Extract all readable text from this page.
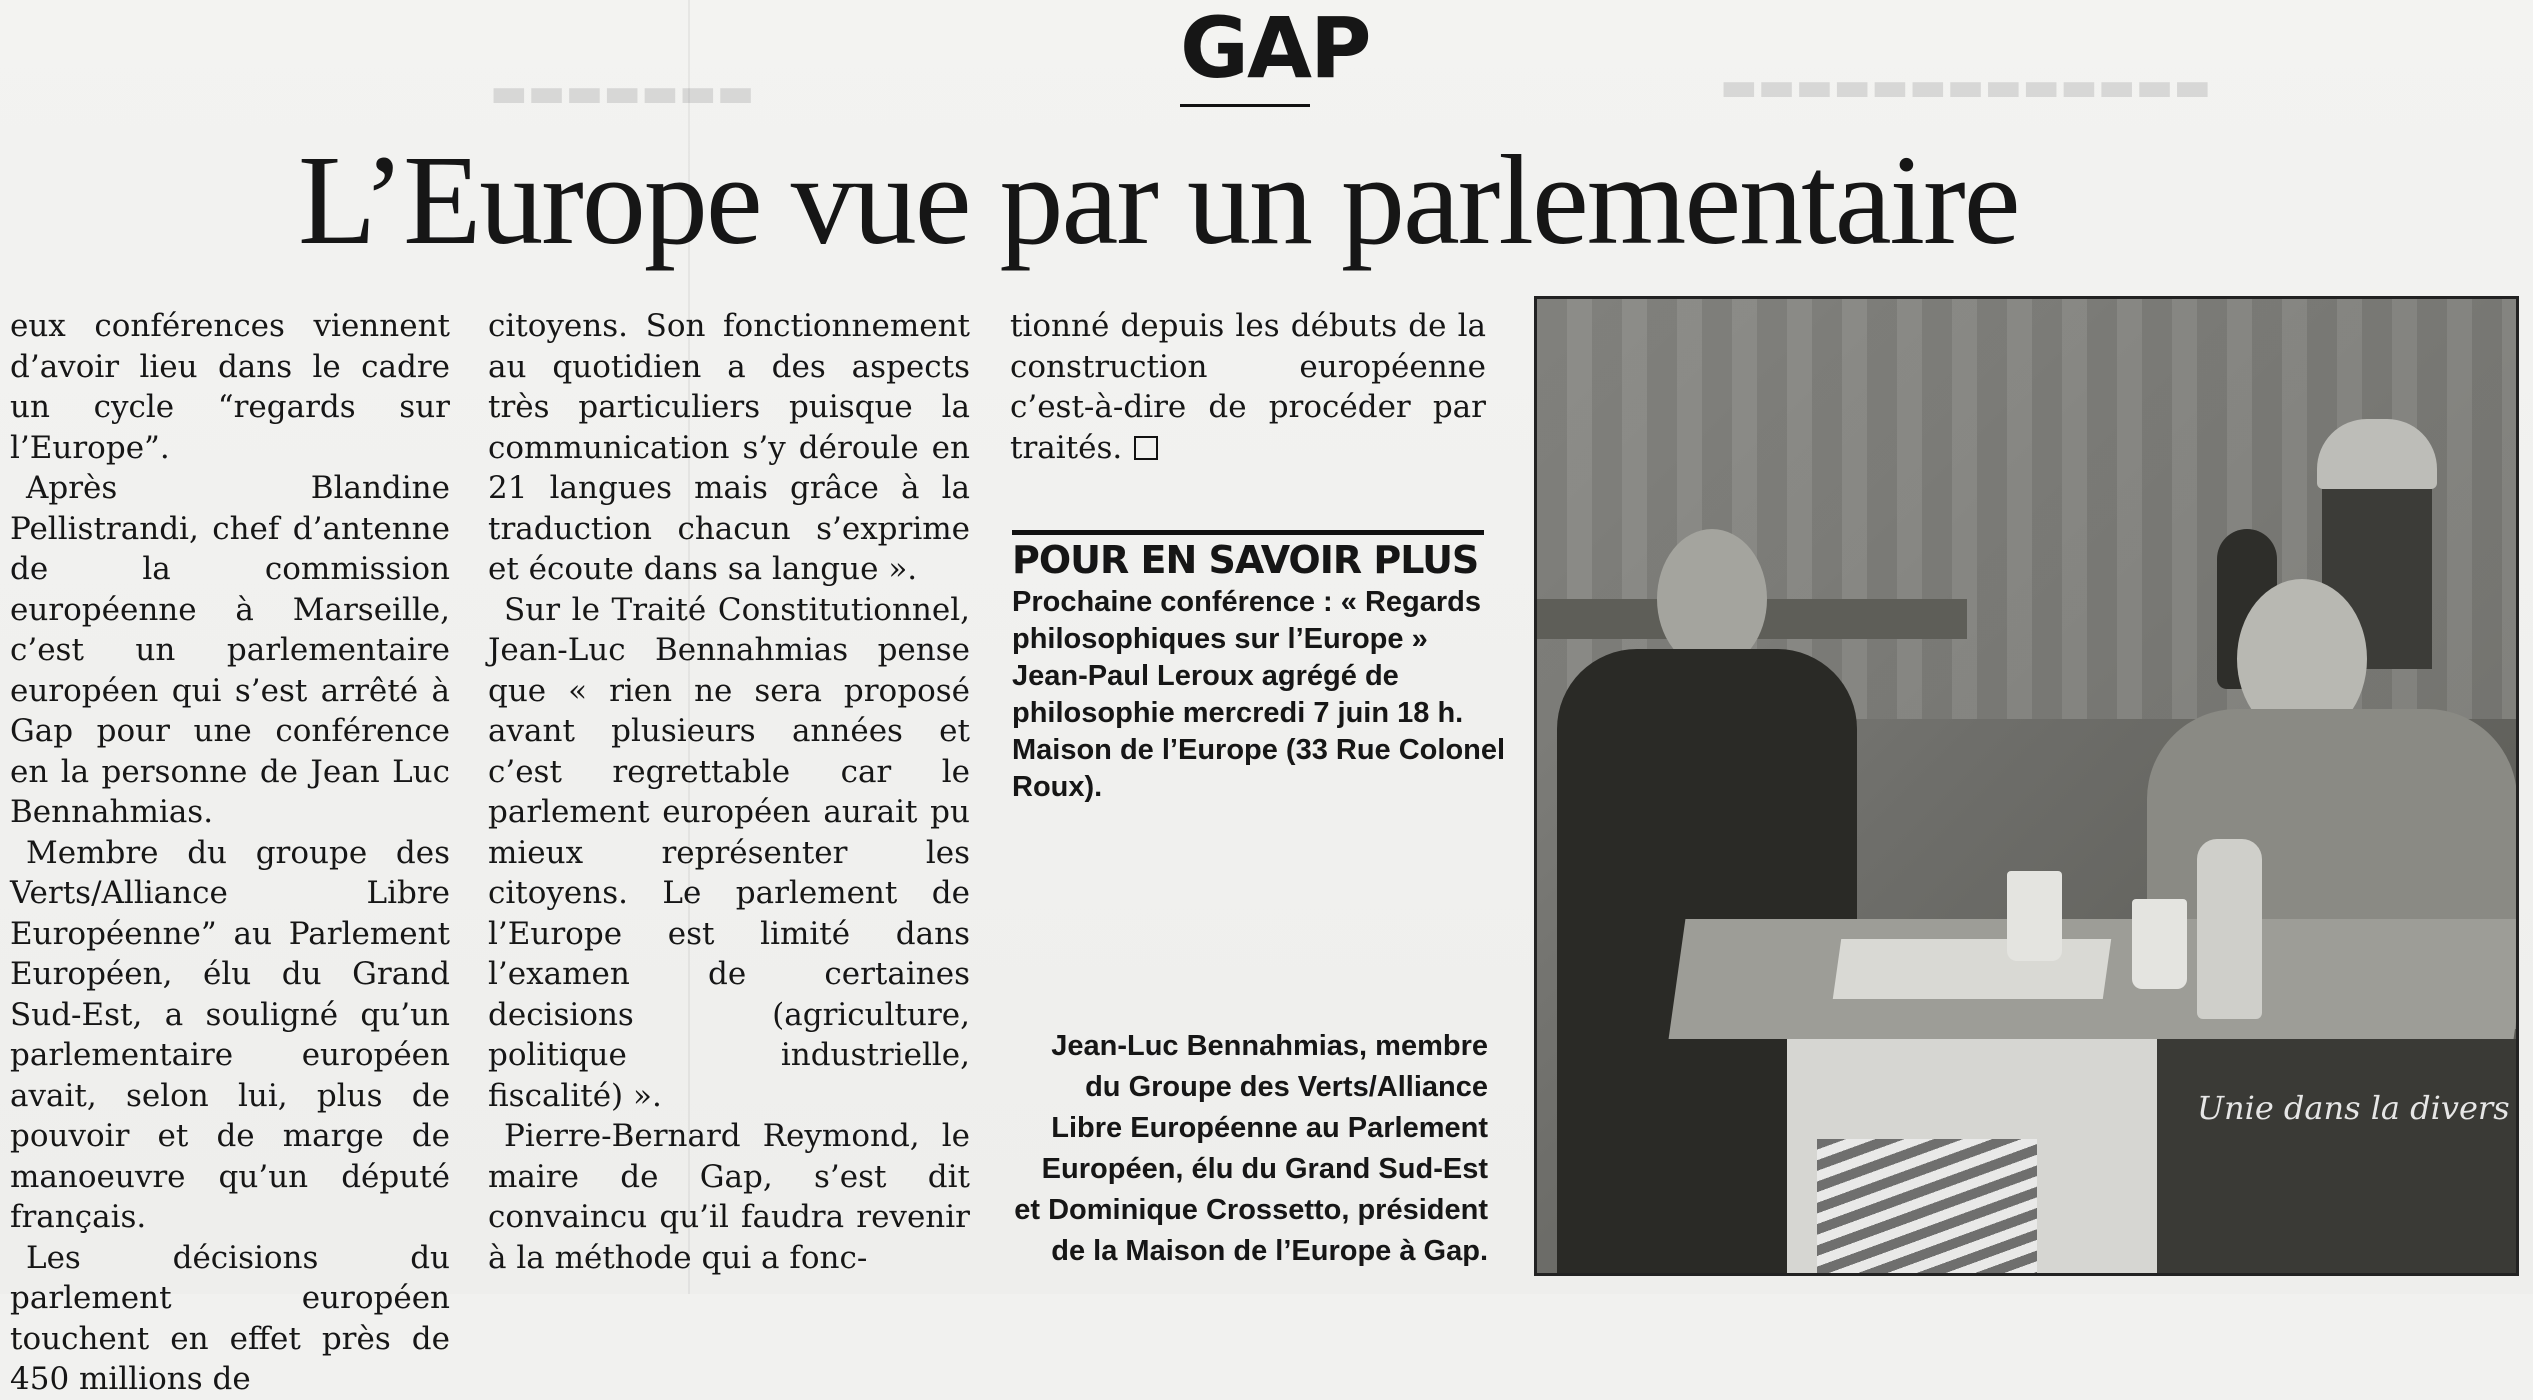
▬▬▬▬▬▬▬	▬▬▬▬▬▬▬▬▬▬▬▬▬
GAP
L’Europe vue par un parlementaire

eux conférences viennent d’avoir lieu dans le cadre un cycle “regards sur l’Europe”.

Après Blandine Pellistrandi, chef d’antenne de la commission européenne à Marseille, c’est un parlementaire européen qui s’est arrêté à Gap pour une conférence en la personne de Jean Luc Bennahmias.

Membre du groupe des Verts/Alliance Libre Européenne” au Parlement Européen, élu du Grand Sud-Est, a souligné qu’un parlementaire européen avait, selon lui, plus de pouvoir et de marge de manoeuvre qu’un député français.

Les décisions du parlement européen touchent en effet près de 450 millions de

citoyens. Son fonctionnement au quotidien a des aspects très particuliers puisque la communication s’y déroule en 21 langues mais grâce à la traduction chacun s’exprime et écoute dans sa langue ».

Sur le Traité Constitutionnel, Jean-Luc Bennahmias pense que « rien ne sera proposé avant plusieurs années et c’est regrettable car le parlement européen aurait pu mieux représenter les citoyens. Le parlement de l’Europe est limité dans l’examen de certaines decisions (agriculture, politique industrielle, fiscalité) ».

Pierre-Bernard Reymond, le maire de Gap, s’est dit convaincu qu’il faudra revenir à la méthode qui a fonc-

tionné depuis les débuts de la construction européenne c’est-à-dire de procéder par traités.

POUR EN SAVOIR PLUS
Prochaine conférence : « Regards
philosophiques sur l’Europe »
Jean-Paul Leroux agrégé de
philosophie mercredi 7 juin 18 h.
Maison de l’Europe (33 Rue Colonel
Roux).
Jean-Luc Bennahmias, membre
du Groupe des Verts/Alliance
Libre Européenne au Parlement
Européen, élu du Grand Sud-Est
et Dominique Crossetto, président
de la Maison de l’Europe à Gap.
Unie dans la divers
